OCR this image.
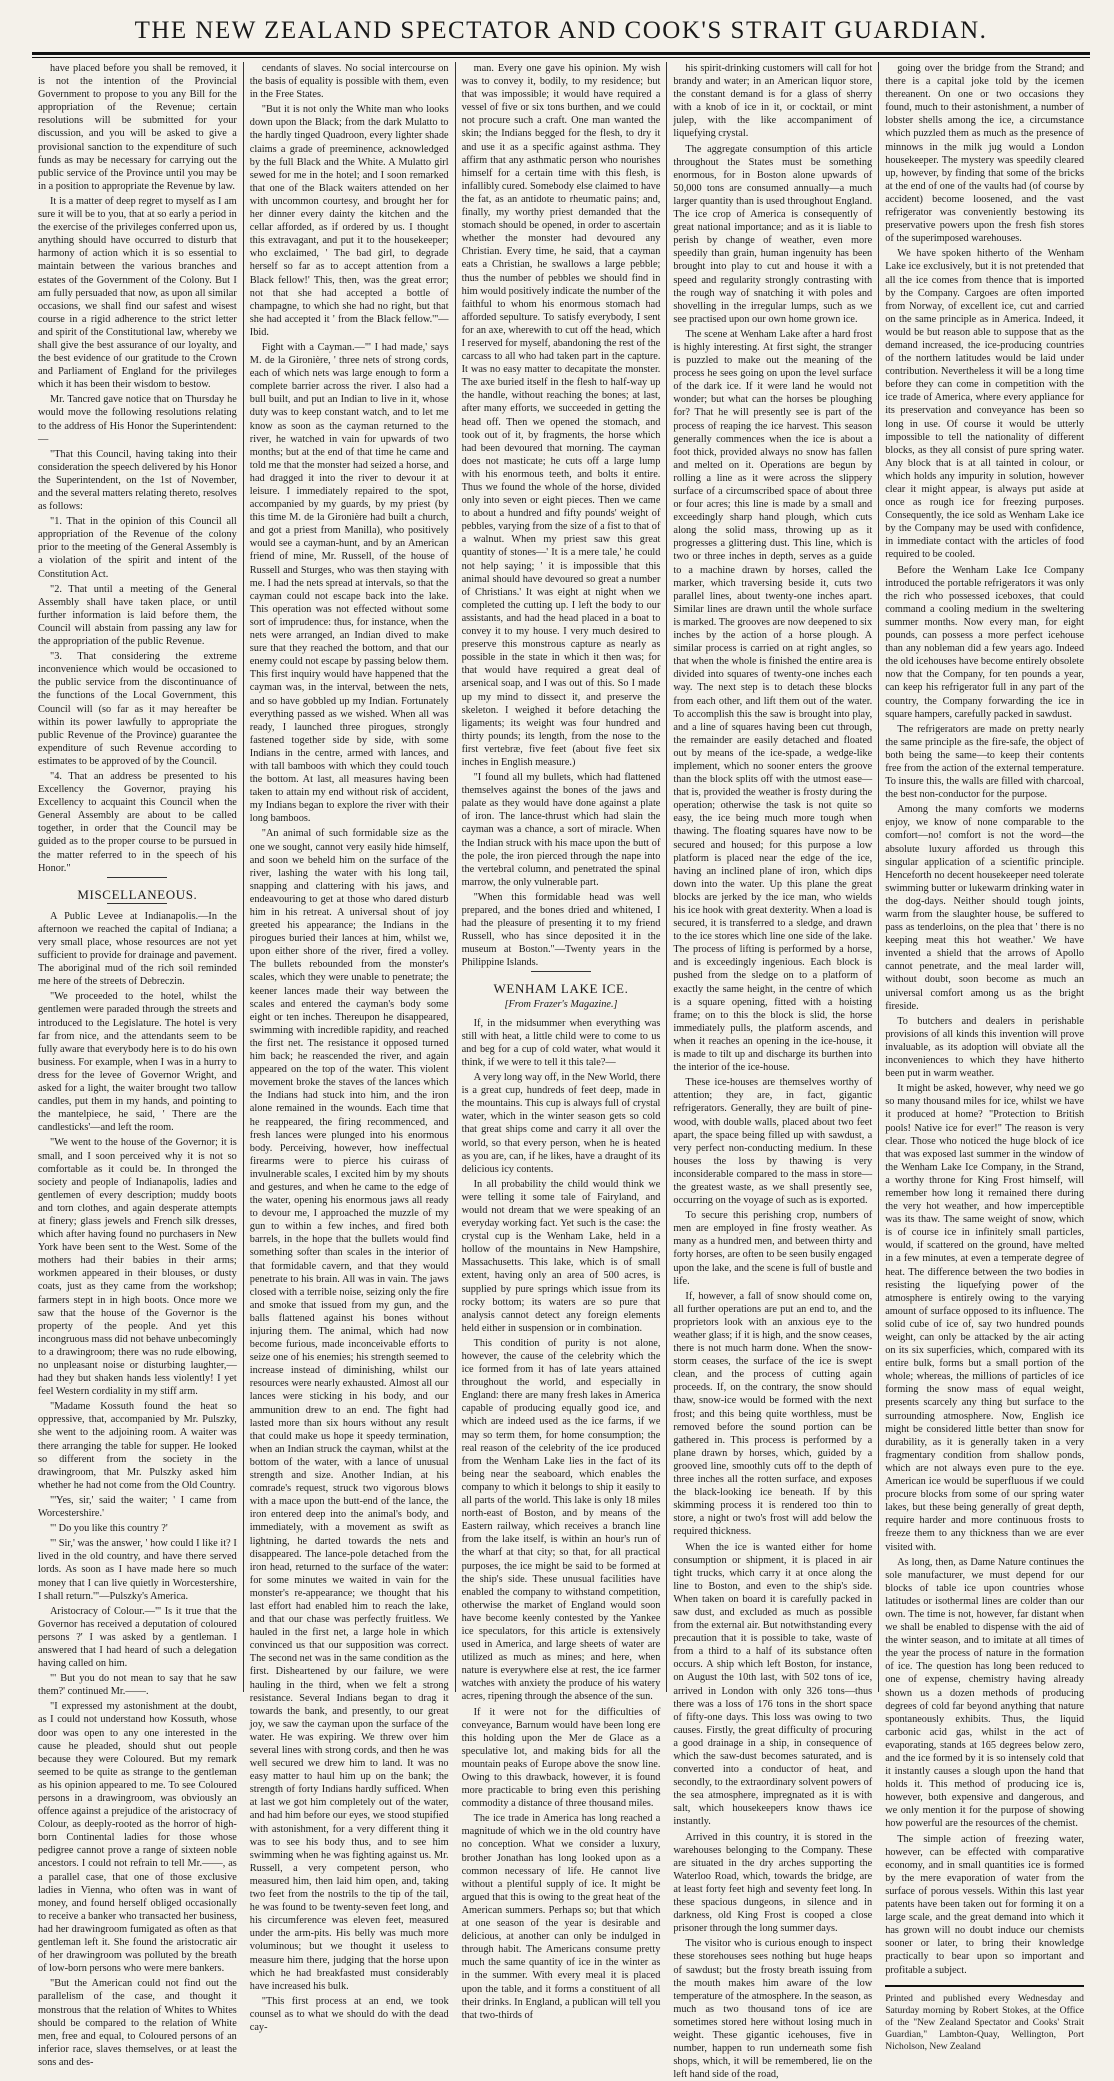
THE NEW ZEALAND SPECTATOR AND COOK'S STRAIT GUARDIAN.

have placed before you shall be removed, it is not the intention of the Provincial Government to propose to you any Bill for the appropriation of the Revenue; certain resolutions will be submitted for your discussion, and you will be asked to give a provisional sanction to the expenditure of such funds as may be necessary for carrying out the public service of the Province until you may be in a position to appropriate the Revenue by law.

It is a matter of deep regret to myself as I am sure it will be to you, that at so early a period in the exercise of the privileges conferred upon us, anything should have occurred to disturb that harmony of action which it is so essential to maintain between the various branches and estates of the Government of the Colony. But I am fully persuaded that now, as upon all similar occasions, we shall find our safest and wisest course in a rigid adherence to the strict letter and spirit of the Constitutional law, whereby we shall give the best assurance of our loyalty, and the best evidence of our gratitude to the Crown and Parliament of England for the privileges which it has been their wisdom to bestow.

Mr. Tancred gave notice that on Thursday he would move the following resolutions relating to the address of His Honor the Superintendent:—

"That this Council, having taking into their consideration the speech delivered by his Honor the Superintendent, on the 1st of November, and the several matters relating thereto, resolves as follows:

"1. That in the opinion of this Council all appropriation of the Revenue of the colony prior to the meeting of the General Assembly is a violation of the spirit and intent of the Constitution Act.

"2. That until a meeting of the General Assembly shall have taken place, or until further information is laid before them, the Council will abstain from passing any law for the appropriation of the public Revenue.

"3. That considering the extreme inconvenience which would be occasioned to the public service from the discontinuance of the functions of the Local Government, this Council will (so far as it may hereafter be within its power lawfully to appropriate the public Revenue of the Province) guarantee the expenditure of such Revenue according to estimates to be approved of by the Council.

"4. That an address be presented to his Excellency the Governor, praying his Excellency to acquaint this Council when the General Assembly are about to be called together, in order that the Council may be guided as to the proper course to be pursued in the matter referred to in the speech of his Honor."

MISCELLANEOUS.

A Public Levee at Indianapolis.—In the afternoon we reached the capital of Indiana; a very small place, whose resources are not yet sufficient to provide for drainage and pavement. The aboriginal mud of the rich soil reminded me here of the streets of Debreczin.

"We proceeded to the hotel, whilst the gentlemen were paraded through the streets and introduced to the Legislature. The hotel is very far from nice, and the attendants seem to be fully aware that everybody here is to do his own business. For example, when I was in a hurry to dress for the levee of Governor Wright, and asked for a light, the waiter brought two tallow candles, put them in my hands, and pointing to the mantelpiece, he said, ' There are the candlesticks'—and left the room.

"We went to the house of the Governor; it is small, and I soon perceived why it is not so comfortable as it could be. In thronged the society and people of Indianapolis, ladies and gentlemen of every description; muddy boots and torn clothes, and again desperate attempts at finery; glass jewels and French silk dresses, which after having found no purchasers in New York have been sent to the West. Some of the mothers had their babies in their arms; workmen appeared in their blouses, or dusty coats, just as they came from the workshop; farmers stept in in high boots. Once more we saw that the house of the Governor is the property of the people. And yet this incongruous mass did not behave unbecomingly to a drawingroom; there was no rude elbowing, no unpleasant noise or disturbing laughter,—had they but shaken hands less violently! I yet feel Western cordiality in my stiff arm.

"Madame Kossuth found the heat so oppressive, that, accompanied by Mr. Pulszky, she went to the adjoining room. A waiter was there arranging the table for supper. He looked so different from the society in the drawingroom, that Mr. Pulszky asked him whether he had not come from the Old Country.

"'Yes, sir,' said the waiter; ' I came from Worcestershire.'

"' Do you like this country ?'

"' Sir,' was the answer, ' how could I like it? I lived in the old country, and have there served lords. As soon as I have made here so much money that I can live quietly in Worcestershire, I shall return.'"—Pulszky's America.

Aristocracy of Colour.—"' Is it true that the Governor has received a deputation of coloured persons ?' I was asked by a gentleman. I answered that I had heard of such a delegation having called on him.

"' But you do not mean to say that he saw them?' continued Mr.——.

"I expressed my astonishment at the doubt, as I could not understand how Kossuth, whose door was open to any one interested in the cause he pleaded, should shut out people because they were Coloured. But my remark seemed to be quite as strange to the gentleman as his opinion appeared to me. To see Coloured persons in a drawingroom, was obviously an offence against a prejudice of the aristocracy of Colour, as deeply-rooted as the horror of high-born Continental ladies for those whose pedigree cannot prove a range of sixteen noble ancestors. I could not refrain to tell Mr.——, as a parallel case, that one of those exclusive ladies in Vienna, who often was in want of money, and found herself obliged occasionally to receive a banker who transacted her business, had her drawingroom fumigated as often as that gentleman left it. She found the aristocratic air of her drawingroom was polluted by the breath of low-born persons who were mere bankers.

"But the American could not find out the parallelism of the case, and thought it monstrous that the relation of Whites to Whites should be compared to the relation of White men, free and equal, to Coloured persons of an inferior race, slaves themselves, or at least the sons and des-

cendants of slaves. No social intercourse on the basis of equality is possible with them, even in the Free States.

"But it is not only the White man who looks down upon the Black; from the dark Mulatto to the hardly tinged Quadroon, every lighter shade claims a grade of preeminence, acknowledged by the full Black and the White. A Mulatto girl sewed for me in the hotel; and I soon remarked that one of the Black waiters attended on her with uncommon courtesy, and brought her for her dinner every dainty the kitchen and the cellar afforded, as if ordered by us. I thought this extravagant, and put it to the housekeeper; who exclaimed, ' The bad girl, to degrade herself so far as to accept attention from a Black fellow!' This, then, was the great error; not that she had accepted a bottle of champagne, to which she had no right, but that she had accepted it ' from the Black fellow.'"—Ibid.

Fight with a Cayman.—"' I had made,' says M. de la Gironière, ' three nets of strong cords, each of which nets was large enough to form a complete barrier across the river. I also had a bull built, and put an Indian to live in it, whose duty was to keep constant watch, and to let me know as soon as the cayman returned to the river, he watched in vain for upwards of two months; but at the end of that time he came and told me that the monster had seized a horse, and had dragged it into the river to devour it at leisure. I immediately repaired to the spot, accompanied by my guards, by my priest (by this time M. de la Gironière had built a church, and got a priest from Manilla), who positively would see a cayman-hunt, and by an American friend of mine, Mr. Russell, of the house of Russell and Sturges, who was then staying with me. I had the nets spread at intervals, so that the cayman could not escape back into the lake. This operation was not effected without some sort of imprudence: thus, for instance, when the nets were arranged, an Indian dived to make sure that they reached the bottom, and that our enemy could not escape by passing below them. This first inquiry would have happened that the cayman was, in the interval, between the nets, and so have gobbled up my Indian. Fortunately everything passed as we wished. When all was ready, I launched three pirogues, strongly fastened together side by side, with some Indians in the centre, armed with lances, and with tall bamboos with which they could touch the bottom. At last, all measures having been taken to attain my end without risk of accident, my Indians began to explore the river with their long bamboos.

"An animal of such formidable size as the one we sought, cannot very easily hide himself, and soon we beheld him on the surface of the river, lashing the water with his long tail, snapping and clattering with his jaws, and endeavouring to get at those who dared disturb him in his retreat. A universal shout of joy greeted his appearance; the Indians in the pirogues buried their lances at him, whilst we, upon either shore of the river, fired a volley. The bullets rebounded from the monster's scales, which they were unable to penetrate; the keener lances made their way between the scales and entered the cayman's body some eight or ten inches. Thereupon he disappeared, swimming with incredible rapidity, and reached the first net. The resistance it opposed turned him back; he reascended the river, and again appeared on the top of the water. This violent movement broke the staves of the lances which the Indians had stuck into him, and the iron alone remained in the wounds. Each time that he reappeared, the firing recommenced, and fresh lances were plunged into his enormous body. Perceiving, however, how ineffectual firearms were to pierce his cuirass of invulnerable scales, I excited him by my shouts and gestures, and when he came to the edge of the water, opening his enormous jaws all ready to devour me, I approached the muzzle of my gun to within a few inches, and fired both barrels, in the hope that the bullets would find something softer than scales in the interior of that formidable cavern, and that they would penetrate to his brain. All was in vain. The jaws closed with a terrible noise, seizing only the fire and smoke that issued from my gun, and the balls flattened against his bones without injuring them. The animal, which had now become furious, made inconceivable efforts to seize one of his enemies; his strength seemed to increase instead of diminishing, whilst our resources were nearly exhausted. Almost all our lances were sticking in his body, and our ammunition drew to an end. The fight had lasted more than six hours without any result that could make us hope it speedy termination, when an Indian struck the cayman, whilst at the bottom of the water, with a lance of unusual strength and size. Another Indian, at his comrade's request, struck two vigorous blows with a mace upon the butt-end of the lance, the iron entered deep into the animal's body, and immediately, with a movement as swift as lightning, he darted towards the nets and disappeared. The lance-pole detached from the iron head, returned to the surface of the water: for some minutes we waited in vain for the monster's re-appearance; we thought that his last effort had enabled him to reach the lake, and that our chase was perfectly fruitless. We hauled in the first net, a large hole in which convinced us that our supposition was correct. The second net was in the same condition as the first. Disheartened by our failure, we were hauling in the third, when we felt a strong resistance. Several Indians began to drag it towards the bank, and presently, to our great joy, we saw the cayman upon the surface of the water. He was expiring. We threw over him several lines with strong cords, and then he was well secured we drew him to land. It was no easy matter to haul him up on the bank; the strength of forty Indians hardly sufficed. When at last we got him completely out of the water, and had him before our eyes, we stood stupified with astonishment, for a very different thing it was to see his body thus, and to see him swimming when he was fighting against us. Mr. Russell, a very competent person, who measured him, then laid him open, and, taking two feet from the nostrils to the tip of the tail, he was found to be twenty-seven feet long, and his circumference was eleven feet, measured under the arm-pits. His belly was much more voluminous; but we thought it useless to measure him there, judging that the horse upon which he had breakfasted must considerably have increased his bulk.

"This first process at an end, we took counsel as to what we should do with the dead cay-

man. Every one gave his opinion. My wish was to convey it, bodily, to my residence; but that was impossible; it would have required a vessel of five or six tons burthen, and we could not procure such a craft. One man wanted the skin; the Indians begged for the flesh, to dry it and use it as a specific against asthma. They affirm that any asthmatic person who nourishes himself for a certain time with this flesh, is infallibly cured. Somebody else claimed to have the fat, as an antidote to rheumatic pains; and, finally, my worthy priest demanded that the stomach should be opened, in order to ascertain whether the monster had devoured any Christian. Every time, he said, that a cayman eats a Christian, he swallows a large pebble; thus the number of pebbles we should find in him would positively indicate the number of the faithful to whom his enormous stomach had afforded sepulture. To satisfy everybody, I sent for an axe, wherewith to cut off the head, which I reserved for myself, abandoning the rest of the carcass to all who had taken part in the capture. It was no easy matter to decapitate the monster. The axe buried itself in the flesh to half-way up the handle, without reaching the bones; at last, after many efforts, we succeeded in getting the head off. Then we opened the stomach, and took out of it, by fragments, the horse which had been devoured that morning. The cayman does not masticate; he cuts off a large lump with his enormous teeth, and bolts it entire. Thus we found the whole of the horse, divided only into seven or eight pieces. Then we came to about a hundred and fifty pounds' weight of pebbles, varying from the size of a fist to that of a walnut. When my priest saw this great quantity of stones—' It is a mere tale,' he could not help saying; ' it is impossible that this animal should have devoured so great a number of Christians.' It was eight at night when we completed the cutting up. I left the body to our assistants, and had the head placed in a boat to convey it to my house. I very much desired to preserve this monstrous capture as nearly as possible in the state in which it then was; for that would have required a great deal of arsenical soap, and I was out of this. So I made up my mind to dissect it, and preserve the skeleton. I weighed it before detaching the ligaments; its weight was four hundred and thirty pounds; its length, from the nose to the first vertebræ, five feet (about five feet six inches in English measure.)

"I found all my bullets, which had flattened themselves against the bones of the jaws and palate as they would have done against a plate of iron. The lance-thrust which had slain the cayman was a chance, a sort of miracle. When the Indian struck with his mace upon the butt of the pole, the iron pierced through the nape into the vertebral column, and penetrated the spinal marrow, the only vulnerable part.

"When this formidable head was well prepared, and the bones dried and whitened, I had the pleasure of presenting it to my friend Russell, who has since deposited it in the museum at Boston."—Twenty years in the Philippine Islands.

WENHAM LAKE ICE.

[From Frazer's Magazine.]

If, in the midsummer when everything was still with heat, a little child were to come to us and beg for a cup of cold water, what would it think, if we were to tell it this tale?—

A very long way off, in the New World, there is a great cup, hundreds of feet deep, made in the mountains. This cup is always full of crystal water, which in the winter season gets so cold that great ships come and carry it all over the world, so that every person, when he is heated as you are, can, if he likes, have a draught of its delicious icy contents.

In all probability the child would think we were telling it some tale of Fairyland, and would not dream that we were speaking of an everyday working fact. Yet such is the case: the crystal cup is the Wenham Lake, held in a hollow of the mountains in New Hampshire, Massachusetts. This lake, which is of small extent, having only an area of 500 acres, is supplied by pure springs which issue from its rocky bottom; its waters are so pure that analysis cannot detect any foreign elements held either in suspension or in combination.

This condition of purity is not alone, however, the cause of the celebrity which the ice formed from it has of late years attained throughout the world, and especially in England: there are many fresh lakes in America capable of producing equally good ice, and which are indeed used as the ice farms, if we may so term them, for home consumption; the real reason of the celebrity of the ice produced from the Wenham Lake lies in the fact of its being near the seaboard, which enables the company to which it belongs to ship it easily to all parts of the world. This lake is only 18 miles north-east of Boston, and by means of the Eastern railway, which receives a branch line from the lake itself, is within an hour's run of the wharf at that city; so that, for all practical purposes, the ice might be said to be formed at the ship's side. These unusual facilities have enabled the company to withstand competition, otherwise the market of England would soon have become keenly contested by the Yankee ice speculators, for this article is extensively used in America, and large sheets of water are utilized as much as mines; and here, when nature is everywhere else at rest, the ice farmer watches with anxiety the produce of his watery acres, ripening through the absence of the sun.

If it were not for the difficulties of conveyance, Barnum would have been long ere this holding upon the Mer de Glace as a speculative lot, and making bids for all the mountain peaks of Europe above the snow line. Owing to this drawback, however, it is found more practicable to bring even this perishing commodity a distance of three thousand miles.

The ice trade in America has long reached a magnitude of which we in the old country have no conception. What we consider a luxury, brother Jonathan has long looked upon as a common necessary of life. He cannot live without a plentiful supply of ice. It might be argued that this is owing to the great heat of the American summers. Perhaps so; but that which at one season of the year is desirable and delicious, at another can only be indulged in through habit. The Americans consume pretty much the same quantity of ice in the winter as in the summer. With every meal it is placed upon the table, and it forms a constituent of all their drinks. In England, a publican will tell you that two-thirds of

his spirit-drinking customers will call for hot brandy and water; in an American liquor store, the constant demand is for a glass of sherry with a knob of ice in it, or cocktail, or mint julep, with the like accompaniment of liquefying crystal.

The aggregate consumption of this article throughout the States must be something enormous, for in Boston alone upwards of 50,000 tons are consumed annually—a much larger quantity than is used throughout England. The ice crop of America is consequently of great national importance; and as it is liable to perish by change of weather, even more speedily than grain, human ingenuity has been brought into play to cut and house it with a speed and regularity strongly contrasting with the rough way of snatching it with poles and shovelling in the irregular lumps, such as we see practised upon our own home grown ice.

The scene at Wenham Lake after a hard frost is highly interesting. At first sight, the stranger is puzzled to make out the meaning of the process he sees going on upon the level surface of the dark ice. If it were land he would not wonder; but what can the horses be ploughing for? That he will presently see is part of the process of reaping the ice harvest. This season generally commences when the ice is about a foot thick, provided always no snow has fallen and melted on it. Operations are begun by rolling a line as it were across the slippery surface of a circumscribed space of about three or four acres; this line is made by a small and exceedingly sharp hand plough, which cuts along the solid mass, throwing up as it progresses a glittering dust. This line, which is two or three inches in depth, serves as a guide to a machine drawn by horses, called the marker, which traversing beside it, cuts two parallel lines, about twenty-one inches apart. Similar lines are drawn until the whole surface is marked. The grooves are now deepened to six inches by the action of a horse plough. A similar process is carried on at right angles, so that when the whole is finished the entire area is divided into squares of twenty-one inches each way. The next step is to detach these blocks from each other, and lift them out of the water. To accomplish this the saw is brought into play, and a line of squares having been cut through, the remainder are easily detached and floated out by means of the ice-spade, a wedge-like implement, which no sooner enters the groove than the block splits off with the utmost ease—that is, provided the weather is frosty during the operation; otherwise the task is not quite so easy, the ice being much more tough when thawing. The floating squares have now to be secured and housed; for this purpose a low platform is placed near the edge of the ice, having an inclined plane of iron, which dips down into the water. Up this plane the great blocks are jerked by the ice man, who wields his ice hook with great dexterity. When a load is secured, it is transferred to a sledge, and drawn to the ice stores which line one side of the lake. The process of lifting is performed by a horse, and is exceedingly ingenious. Each block is pushed from the sledge on to a platform of exactly the same height, in the centre of which is a square opening, fitted with a hoisting frame; on to this the block is slid, the horse immediately pulls, the platform ascends, and when it reaches an opening in the ice-house, it is made to tilt up and discharge its burthen into the interior of the ice-house.

These ice-houses are themselves worthy of attention; they are, in fact, gigantic refrigerators. Generally, they are built of pine-wood, with double walls, placed about two feet apart, the space being filled up with sawdust, a very perfect non-conducting medium. In these houses the loss by thawing is very inconsiderable compared to the mass in store—the greatest waste, as we shall presently see, occurring on the voyage of such as is exported.

To secure this perishing crop, numbers of men are employed in fine frosty weather. As many as a hundred men, and between thirty and forty horses, are often to be seen busily engaged upon the lake, and the scene is full of bustle and life.

If, however, a fall of snow should come on, all further operations are put an end to, and the proprietors look with an anxious eye to the weather glass; if it is high, and the snow ceases, there is not much harm done. When the snow-storm ceases, the surface of the ice is swept clean, and the process of cutting again proceeds. If, on the contrary, the snow should thaw, snow-ice would be formed with the next frost; and this being quite worthless, must be removed before the sound portion can be gathered in. This process is performed by a plane drawn by horses, which, guided by a grooved line, smoothly cuts off to the depth of three inches all the rotten surface, and exposes the black-looking ice beneath. If by this skimming process it is rendered too thin to store, a night or two's frost will add below the required thickness.

When the ice is wanted either for home consumption or shipment, it is placed in air tight trucks, which carry it at once along the line to Boston, and even to the ship's side. When taken on board it is carefully packed in saw dust, and excluded as much as possible from the external air. But notwithstanding every precaution that it is possible to take, waste of from a third to a half of its substance often occurs. A ship which left Boston, for instance, on August the 10th last, with 502 tons of ice, arrived in London with only 326 tons—thus there was a loss of 176 tons in the short space of fifty-one days. This loss was owing to two causes. Firstly, the great difficulty of procuring a good drainage in a ship, in consequence of which the saw-dust becomes saturated, and is converted into a conductor of heat, and secondly, to the extraordinary solvent powers of the sea atmosphere, impregnated as it is with salt, which housekeepers know thaws ice instantly.

Arrived in this country, it is stored in the warehouses belonging to the Company. These are situated in the dry arches supporting the Waterloo Road, which, towards the bridge, are at least forty feet high and seventy feet long. In these spacious dungeons, in silence and in darkness, old King Frost is cooped a close prisoner through the long summer days.

The visitor who is curious enough to inspect these storehouses sees nothing but huge heaps of sawdust; but the frosty breath issuing from the mouth makes him aware of the low temperature of the atmosphere. In the season, as much as two thousand tons of ice are sometimes stored here without losing much in weight. These gigantic icehouses, five in number, happen to run underneath some fish shops, which, it will be remembered, lie on the left hand side of the road,

going over the bridge from the Strand; and there is a capital joke told by the icemen thereanent. On one or two occasions they found, much to their astonishment, a number of lobster shells among the ice, a circumstance which puzzled them as much as the presence of minnows in the milk jug would a London housekeeper. The mystery was speedily cleared up, however, by finding that some of the bricks at the end of one of the vaults had (of course by accident) become loosened, and the vast refrigerator was conveniently bestowing its preservative powers upon the fresh fish stores of the superimposed warehouses.

We have spoken hitherto of the Wenham Lake ice exclusively, but it is not pretended that all the ice comes from thence that is imported by the Company. Cargoes are often imported from Norway, of excellent ice, cut and carried on the same principle as in America. Indeed, it would be but reason able to suppose that as the demand increased, the ice-producing countries of the northern latitudes would be laid under contribution. Nevertheless it will be a long time before they can come in competition with the ice trade of America, where every appliance for its preservation and conveyance has been so long in use. Of course it would be utterly impossible to tell the nationality of different blocks, as they all consist of pure spring water. Any block that is at all tainted in colour, or which holds any impurity in solution, however clear it might appear, is always put aside at once as rough ice for freezing purposes. Consequently, the ice sold as Wenham Lake ice by the Company may be used with confidence, in immediate contact with the articles of food required to be cooled.

Before the Wenham Lake Ice Company introduced the portable refrigerators it was only the rich who possessed iceboxes, that could command a cooling medium in the sweltering summer months. Now every man, for eight pounds, can possess a more perfect icehouse than any nobleman did a few years ago. Indeed the old icehouses have become entirely obsolete now that the Company, for ten pounds a year, can keep his refrigerator full in any part of the country, the Company forwarding the ice in square hampers, carefully packed in sawdust.

The refrigerators are made on pretty nearly the same principle as the fire-safe, the object of both being the same—to keep their contents free from the action of the external temperature. To insure this, the walls are filled with charcoal, the best non-conductor for the purpose.

Among the many comforts we moderns enjoy, we know of none comparable to the comfort—no! comfort is not the word—the absolute luxury afforded us through this singular application of a scientific principle. Henceforth no decent housekeeper need tolerate swimming butter or lukewarm drinking water in the dog-days. Neither should tough joints, warm from the slaughter house, be suffered to pass as tenderloins, on the plea that ' there is no keeping meat this hot weather.' We have invented a shield that the arrows of Apollo cannot penetrate, and the meal larder will, without doubt, soon become as much an universal comfort among us as the bright fireside.

To butchers and dealers in perishable provisions of all kinds this invention will prove invaluable, as its adoption will obviate all the inconveniences to which they have hitherto been put in warm weather.

It might be asked, however, why need we go so many thousand miles for ice, whilst we have it produced at home? "Protection to British pools! Native ice for ever!" The reason is very clear. Those who noticed the huge block of ice that was exposed last summer in the window of the Wenham Lake Ice Company, in the Strand, a worthy throne for King Frost himself, will remember how long it remained there during the very hot weather, and how imperceptible was its thaw. The same weight of snow, which is of course ice in infinitely small particles, would, if scattered on the ground, have melted in a few minutes, at even a temperate degree of heat. The difference between the two bodies in resisting the liquefying power of the atmosphere is entirely owing to the varying amount of surface opposed to its influence. The solid cube of ice of, say two hundred pounds weight, can only be attacked by the air acting on its six superficies, which, compared with its entire bulk, forms but a small portion of the whole; whereas, the millions of particles of ice forming the snow mass of equal weight, presents scarcely any thing but surface to the surrounding atmosphere. Now, English ice might be considered little better than snow for durability, as it is generally taken in a very fragmentary condition from shallow ponds, which are not always even pure to the eye. American ice would be superfluous if we could procure blocks from some of our spring water lakes, but these being generally of great depth, require harder and more continuous frosts to freeze them to any thickness than we are ever visited with.

As long, then, as Dame Nature continues the sole manufacturer, we must depend for our blocks of table ice upon countries whose latitudes or isothermal lines are colder than our own. The time is not, however, far distant when we shall be enabled to dispense with the aid of the winter season, and to imitate at all times of the year the process of nature in the formation of ice. The question has long been reduced to one of expense, chemistry having already shown us a dozen methods of producing degrees of cold far beyond anything that nature spontaneously exhibits. Thus, the liquid carbonic acid gas, whilst in the act of evaporating, stands at 165 degrees below zero, and the ice formed by it is so intensely cold that it instantly causes a slough upon the hand that holds it. This method of producing ice is, however, both expensive and dangerous, and we only mention it for the purpose of showing how powerful are the resources of the chemist.

The simple action of freezing water, however, can be effected with comparative economy, and in small quantities ice is formed by the mere evaporation of water from the surface of porous vessels. Within this last year patents have been taken out for forming it on a large scale, and the great demand into which it has grown will no doubt induce our chemists sooner or later, to bring their knowledge practically to bear upon so important and profitable a subject.

Printed and published every Wednesday and Saturday morning by Robert Stokes, at the Office of the "New Zealand Spectator and Cooks' Strait Guardian," Lambton-Quay, Wellington, Port Nicholson, New Zealand
